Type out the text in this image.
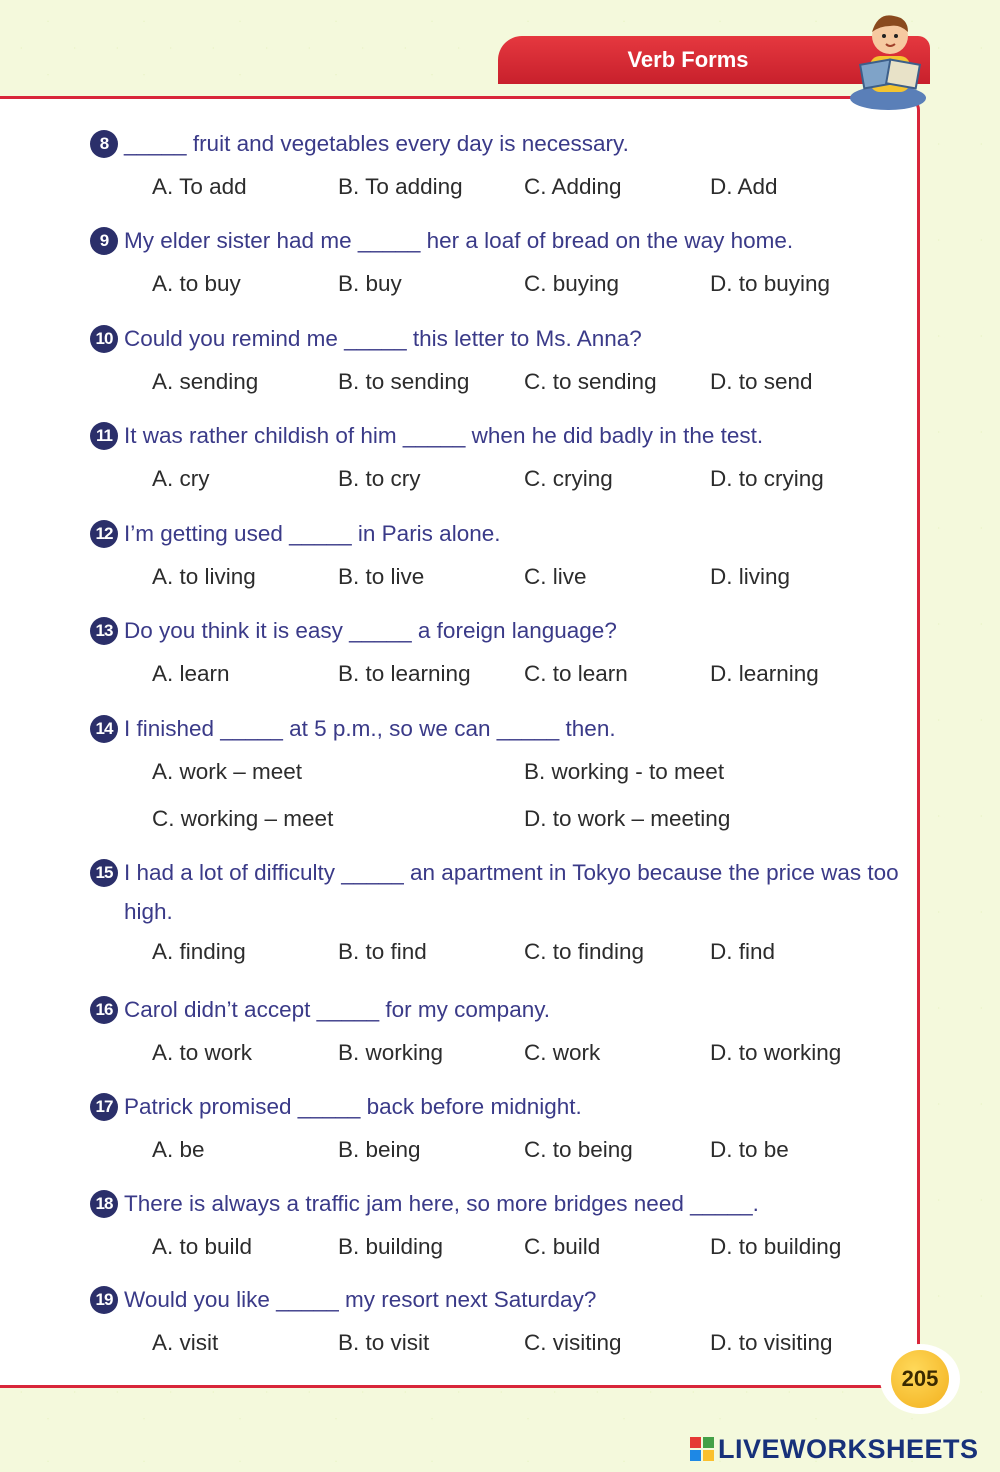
Verb Forms
8 _____ fruit and vegetables every day is necessary.
A. To add	B. To adding	C. Adding	D. Add
9 My elder sister had me _____ her a loaf of bread on the way home.
A. to buy	B. buy	C. buying	D. to buying
10 Could you remind me _____ this letter to Ms. Anna?
A. sending	B. to sending	C. to sending	D. to send
11 It was rather childish of him _____ when he did badly in the test.
A. cry	B. to cry	C. crying	D. to crying
12 I’m getting used _____ in Paris alone.
A. to living	B. to live	C. live	D. living
13 Do you think it is easy _____ a foreign language?
A. learn	B. to learning	C. to learn	D. learning
14 I finished _____ at 5 p.m., so we can _____ then.
A. work – meet	B. working - to meet
C. working – meet	D. to work – meeting
15 I had a lot of difficulty _____ an apartment in Tokyo because the price was too high.
A. finding	B. to find	C. to finding	D. find
16 Carol didn’t accept _____ for my company.
A. to work	B. working	C. work	D. to working
17 Patrick promised _____ back before midnight.
A. be	B. being	C. to being	D. to be
18 There is always a traffic jam here, so more bridges need _____.
A. to build	B. building	C. build	D. to building
19 Would you like _____ my resort next Saturday?
A. visit	B. to visit	C. visiting	D. to visiting
205
LIVEWORKSHEETS
